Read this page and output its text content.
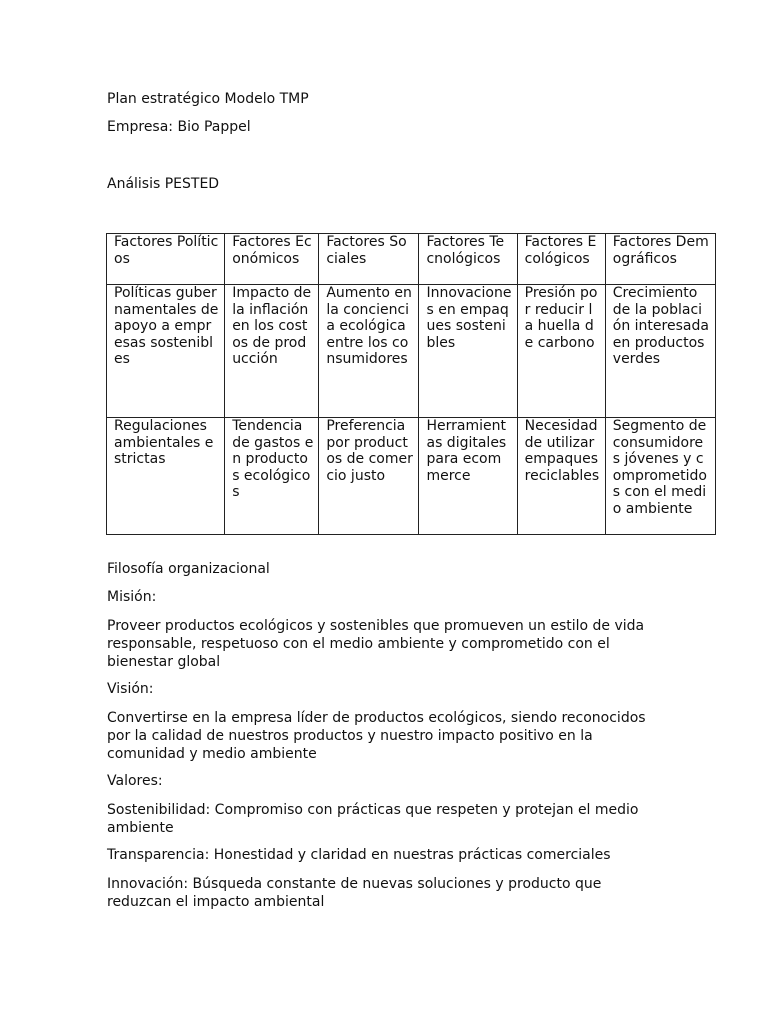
Plan estratégico Modelo TMP
Empresa: Bio Pappel
Análisis PESTED
Factores Políticos	Factores Económicos	Factores Sociales	Factores Tecnológicos	Factores Ecológicos	Factores Demográficos
Políticas gubernamentales de apoyo a empresas sostenibles	Impacto de la inflación en los costos de producción	Aumento en la conciencia ecológica entre los consumidores	Innovaciones en empaques sostenibles	Presión por reducir la huella de carbono	Crecimiento de la población interesada en productos verdes
Regulaciones ambientales estrictas	Tendencia de gastos en productos ecológicos	Preferencia por productos de comercio justo	Herramientas digitales para ecommerce	Necesidad de utilizar empaques reciclables	Segmento de consumidores jóvenes y comprometidos con el medio ambiente
Filosofía organizacional
Misión:
Proveer productos ecológicos y sostenibles que promueven un estilo de vida responsable, respetuoso con el medio ambiente y comprometido con el bienestar global
Visión:
Convertirse en la empresa líder de productos ecológicos, siendo reconocidos por la calidad de nuestros productos y nuestro impacto positivo en la comunidad y medio ambiente
Valores:
Sostenibilidad: Compromiso con prácticas que respeten y protejan el medio ambiente
Transparencia: Honestidad y claridad en nuestras prácticas comerciales
Innovación: Búsqueda constante de nuevas soluciones y producto que reduzcan el impacto ambiental
